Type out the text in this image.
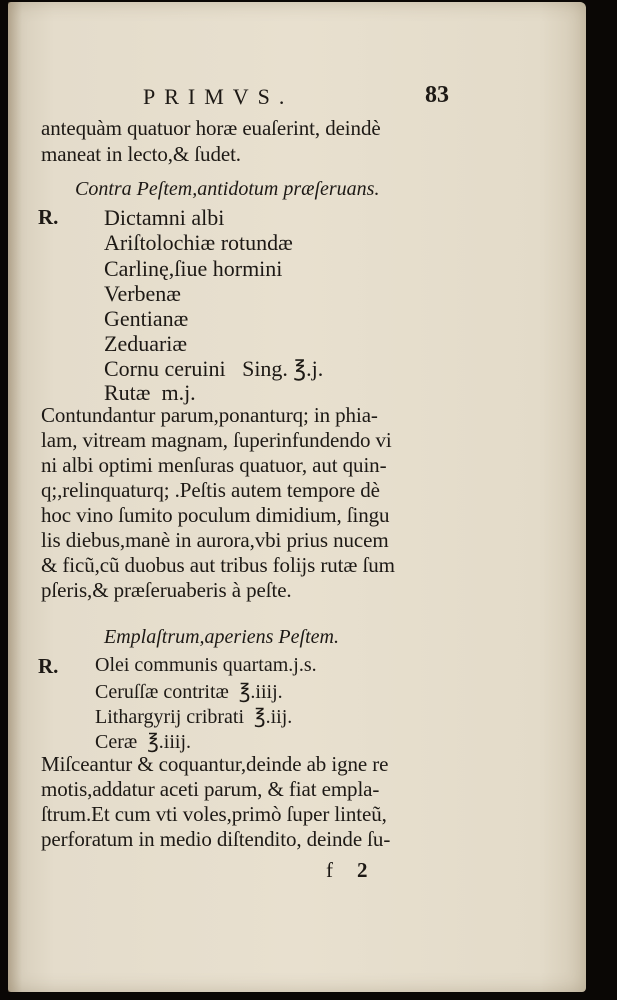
PRIMVS.	83
antequàm quatuor horæ euaſerint, deindè
maneat in lecto,& ſudet.
Contra Peſtem,antidotum præſeruans.
R. Dictamni albi
Ariſtolochiæ rotundæ
Carlinę,ſiue hormini
Verbenæ
Gentianæ
Zeduariæ
Cornu ceruini   Sing. ℥.j.
Rutæ  m.j.
Contundantur parum,ponanturq; in phia-
lam, vitream magnam, ſuperinfundendo vi
ni albi optimi menſuras quatuor, aut quin-
q;,relinquaturq; .Peſtis autem tempore dè
hoc vino ſumito poculum dimidium, ſingu
lis diebus,manè in aurora,vbi prius nucem
& ficũ,cũ duobus aut tribus folijs rutæ ſum
pſeris,& præſeruaberis à peſte.
Emplaſtrum,aperiens Peſtem.
R. Olei communis quartam.j.s.
Ceruſſæ contritæ  ℥.iiij.
Lithargyrij cribrati  ℥.iij.
Ceræ  ℥.iiij.
Miſceantur & coquantur,deinde ab igne re
motis,addatur aceti parum, & fiat empla-
ſtrum.Et cum vti voles,primò ſuper linteũ,
perforatum in medio diſtendito, deinde ſu-
f 2
